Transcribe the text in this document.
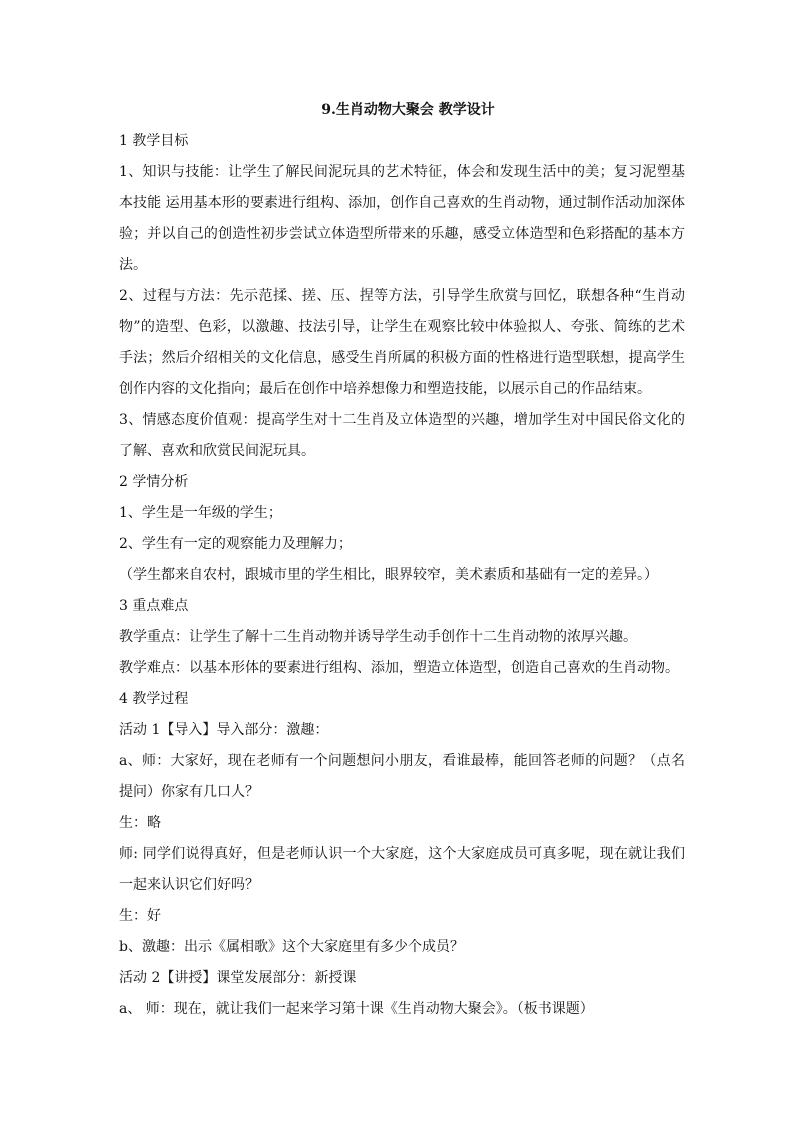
9.生肖动物大聚会 教学设计

1 教学目标

1、知识与技能：让学生了解民间泥玩具的艺术特征，体会和发现生活中的美；复习泥塑基本技能 运用基本形的要素进行组构、添加，创作自己喜欢的生肖动物，通过制作活动加深体验；并以自己的创造性初步尝试立体造型所带来的乐趣，感受立体造型和色彩搭配的基本方法。

2、过程与方法：先示范揉、搓、压、捏等方法，引导学生欣赏与回忆，联想各种“生肖动物”的造型、色彩，以激趣、技法引导，让学生在观察比较中体验拟人、夸张、简练的艺术手法；然后介绍相关的文化信息，感受生肖所属的积极方面的性格进行造型联想，提高学生创作内容的文化指向；最后在创作中培养想像力和塑造技能，以展示自己的作品结束。

3、情感态度价值观：提高学生对十二生肖及立体造型的兴趣，增加学生对中国民俗文化的了解、喜欢和欣赏民间泥玩具。

2 学情分析

1、学生是一年级的学生；

2、学生有一定的观察能力及理解力；

（学生都来自农村，跟城市里的学生相比，眼界较窄，美术素质和基础有一定的差异。）

3 重点难点

教学重点：让学生了解十二生肖动物并诱导学生动手创作十二生肖动物的浓厚兴趣。

教学难点：以基本形体的要素进行组构、添加，塑造立体造型，创造自己喜欢的生肖动物。

4 教学过程

活动 1【导入】导入部分：激趣：

a、师：大家好，现在老师有一个问题想问小朋友，看谁最棒，能回答老师的问题？（点名提问）你家有几口人？

生：略

师: 同学们说得真好，但是老师认识一个大家庭，这个大家庭成员可真多呢，现在就让我们一起来认识它们好吗？

生：好

b、激趣：出示《属相歌》这个大家庭里有多少个成员？

活动 2【讲授】课堂发展部分：新授课

a、 师：现在，就让我们一起来学习第十课《生肖动物大聚会》。（板书课题）
